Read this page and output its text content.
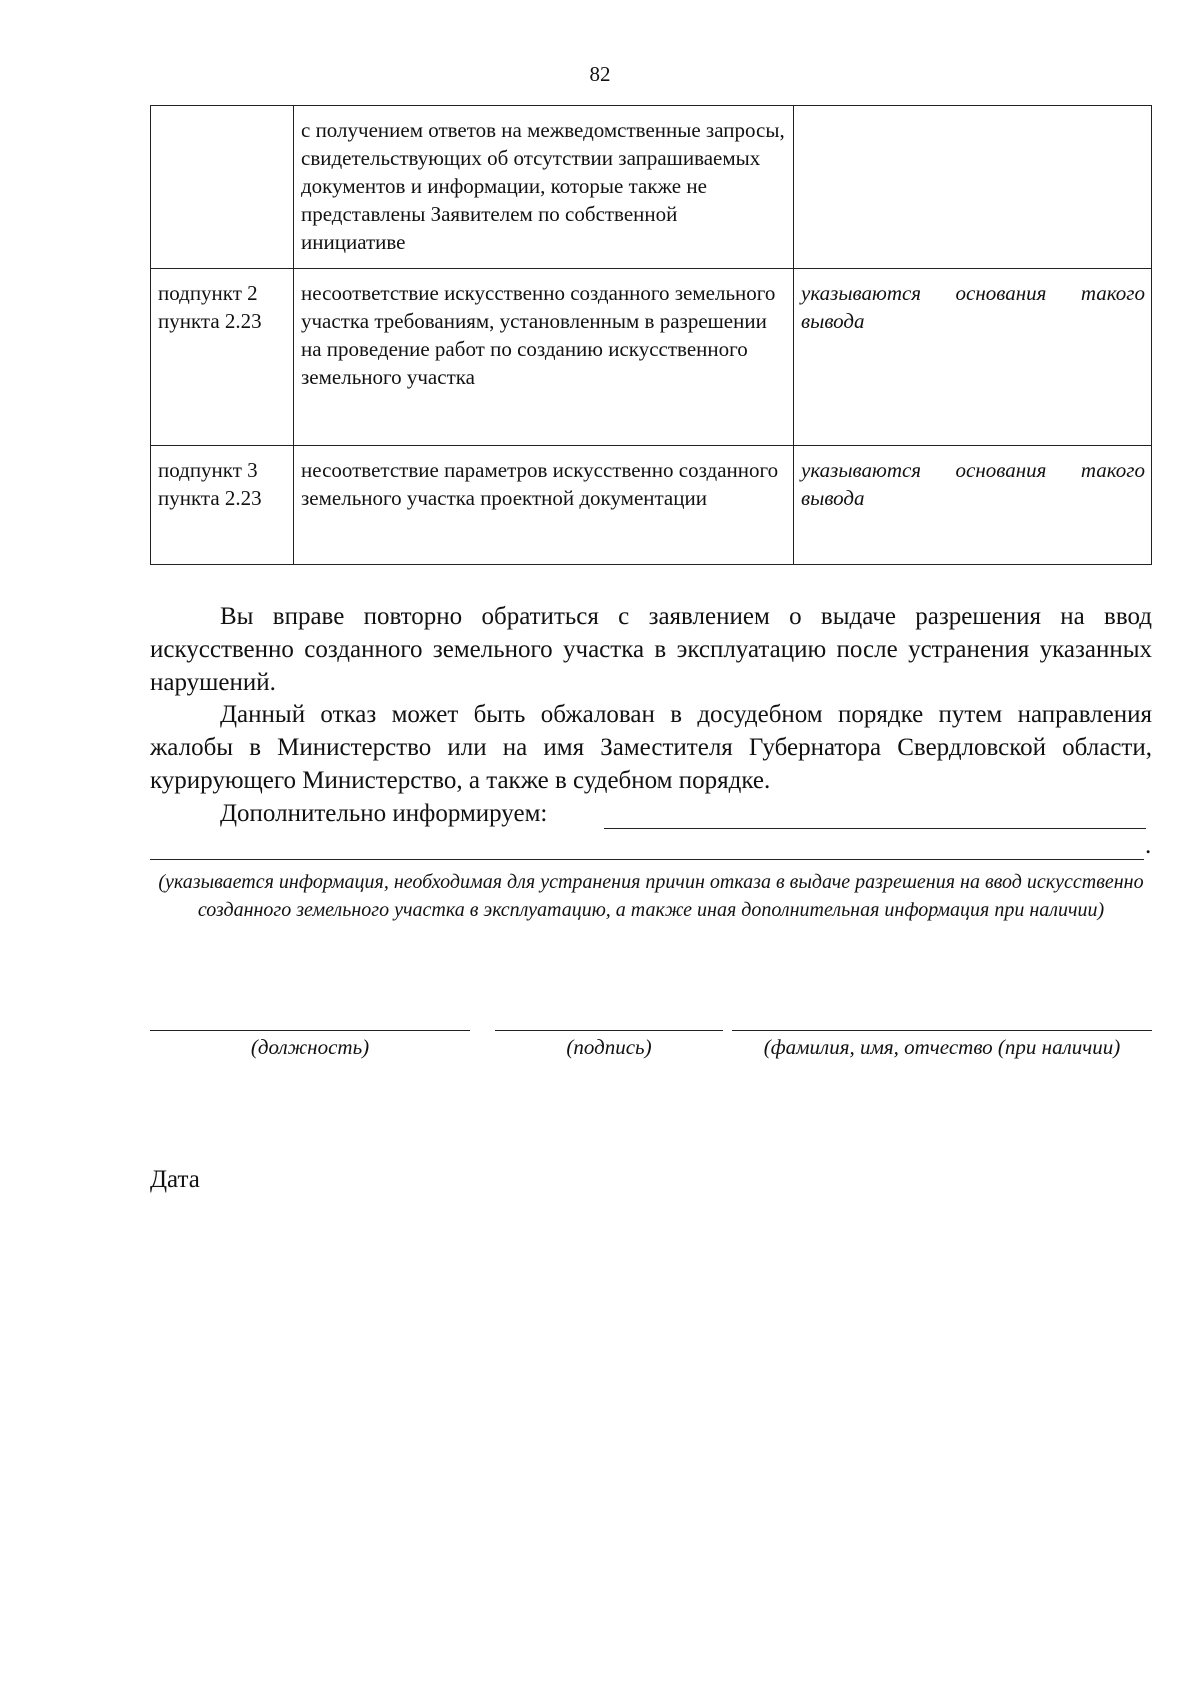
82
	с получением ответов на межведомственные запросы, свидетельствующих об отсутствии запрашиваемых документов и информации, которые также не представлены Заявителем по собственной инициативе	
подпункт 2 пункта 2.23	несоответствие искусственно созданного земельного участка требованиям, установленным в разрешении на проведение работ по созданию искусственного земельного участка	указываются основания такого вывода
подпункт 3 пункта 2.23	несоответствие параметров искусственно созданного земельного участка проектной документации	указываются основания такого вывода

Вы вправе повторно обратиться с заявлением о выдаче разрешения на ввод искусственно созданного земельного участка в эксплуатацию после устранения указанных нарушений.

Данный отказ может быть обжалован в досудебном порядке путем направления жалобы в Министерство или на имя Заместителя Губернатора Свердловской области, курирующего Министерство, а также в судебном порядке.

Дополнительно информируем:

.
(указывается информация, необходимая для устранения причин отказа в выдаче разрешения на ввод искусственно созданного земельного участка в эксплуатацию, а также иная дополнительная информация при наличии)
(должность)	(подпись)	(фамилия, имя, отчество (при наличии)
Дата
